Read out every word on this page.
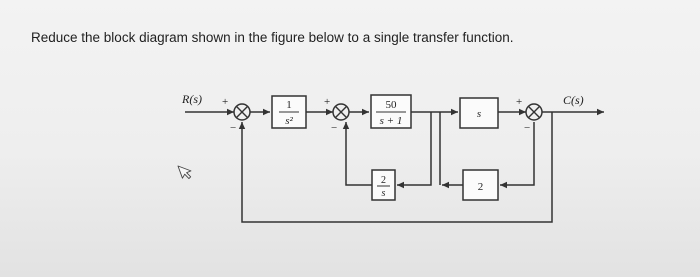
Reduce the block diagram shown in the figure below to a single transfer function.
R(s)	C(s)
+
−
1
s²
+
−
50
s + 1
s
+
−
2
s
2
